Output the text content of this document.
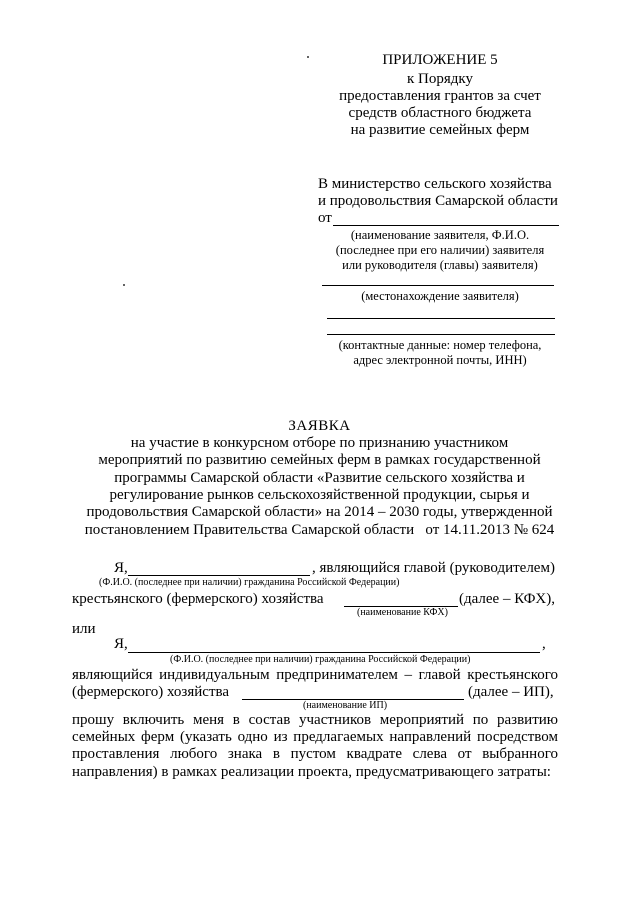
ПРИЛОЖЕНИЕ 5
к Порядку
предоставления грантов за счет
средств областного бюджета
на развитие семейных ферм
В министерство сельского хозяйства
и продовольствия Самарской области
от
(наименование заявителя, Ф.И.О.
(последнее при его наличии) заявителя
или руководителя (главы) заявителя)
(местонахождение заявителя)
(контактные данные: номер телефона,
адрес электронной почты, ИНН)
ЗАЯВКА
на участие в конкурсном отборе по признанию участником
мероприятий по развитию семейных ферм в рамках государственной
программы Самарской области «Развитие сельского хозяйства и
регулирование рынков сельскохозяйственной продукции, сырья и
продовольствия Самарской области» на 2014 – 2030 годы, утвержденной
постановлением Правительства Самарской области   от 14.11.2013 № 624
Я,	, являющийся главой (руководителем)
(Ф.И.О. (последнее при наличии) гражданина Российской Федерации)
крестьянского (фермерского) хозяйства	(далее – КФХ),
(наименование КФХ)
или
Я,	,
(Ф.И.О. (последнее при наличии) гражданина Российской Федерации)
являющийся индивидуальным предпринимателем – главой крестьянского
(фермерского) хозяйства	(далее – ИП),
(наименование ИП)
прошу включить меня в состав участников мероприятий по развитию
семейных ферм (указать одно из предлагаемых направлений посредством
проставления любого знака в пустом квадрате слева от выбранного
направления) в рамках реализации проекта, предусматривающего затраты:
